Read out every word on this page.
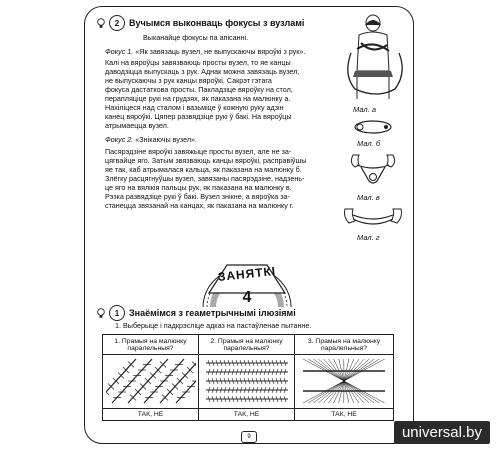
2	Вучымся выконваць фокусы з вузламі
Выканайце фокусы па апісанні.
Фокус 1. «Як завязаць вузел, не выпускаючы вяроўкі з рук».
Калі на вяроўцы завязваюць просты вузел, то яе канцы
даводзіцца выпускаць з рук. Аднак можна завязаць вузел,
не выпускаючы з рук канцы вяроўкі. Сакрэт гэтага
фокуса дастаткова просты. Пакладзіце вяроўку на стол,
перапляціце рукі на грудзях, як паказана на малюнку а.
Нахіліцеся над сталом і вазьміце ў кожную руку адзін
канец вяроўкі. Цяпер развядзіце рукі ў бакі. На вяроўцы
атрымаецца вузел.
Фокус 2. «Знікаючы вузел».
Пасярэдзіне вяроўкі завяжыце просты вузел, але не за-
цягвайце яго. Затым звязваюць канцы вяроўкі, расправіўшы
яе так, каб атрымалася кальца, як паказана на малюнку б.
Злёгку расцягнуўшы вузел, завязаны пасярэдзіне, надзень-
це яго на вялікія пальцы рук, як паказана на малюнку в.
Рэзка развядзіце рукі ў бакі. Вузел знікне, а вяроўка за-
станецца звязанай на канцах, як паказана на малюнку г.
Мал. а
Мал. б
Мал. в
Мал. г
ЗАНЯТКІ
4
1	Знаёмімся з геаметрычнымі ілюзіямі
1. Выберыце і падкрэсліце адказ на пастаўленае пытанне.
1. Прамыя на малюнку паралельныя?	2. Прамыя на малюнку паралельныя?	3. Прамыя на малюнку паралельныя?

ТАК, НЕ	ТАК, НЕ	ТАК, НЕ
9	universal.by
